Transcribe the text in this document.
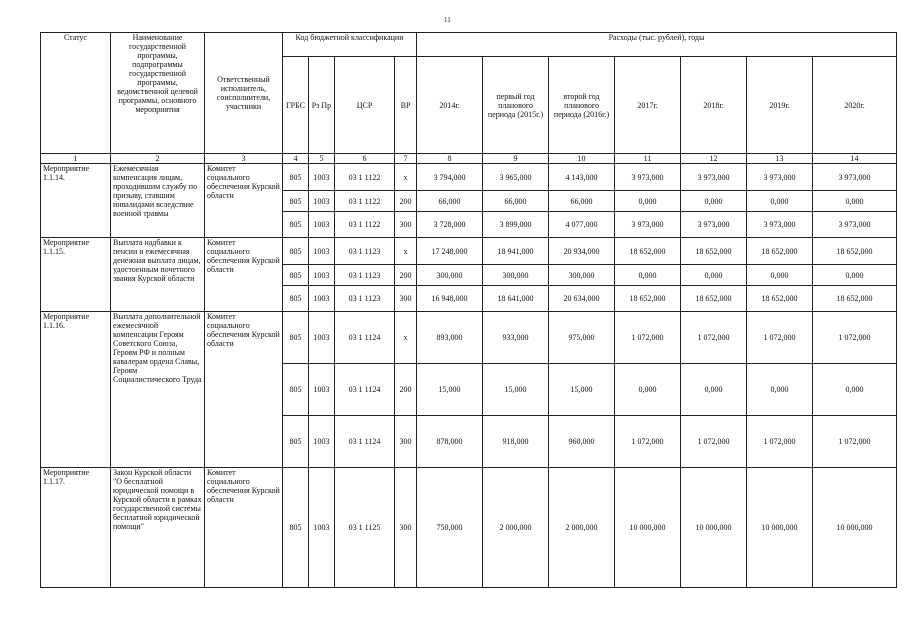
11
Статус	Наименование государственной программы, подпрограммы государственной программы, ведомственной целевой программы, основного мероприятия	Ответственный исполнитель, соисполнители, участники	Код бюджетной классификации				Расходы (тыс. рублей), годы						
			ГРБС	Рз Пр	ЦСР	ВР	2014г.	первый год планового периода (2015г.)	второй год планового периода (2016г.)	2017г.	2018г.	2019г.	2020г.
1	2	3	4	5	6	7	8	9	10	11	12	13	14
Мероприятие 1.1.14.	Ежемесячная компенсация лицам, проходившим службу по призыву, ставшим инвалидами вследствие военной травмы	Комитет социального обеспечения Курской области	805	1003	03 1 1122	х	3 794,000	3 965,000	4 143,000	3 973,000	3 973,000	3 973,000	3 973,000
			805	1003	03 1 1122	200	66,000	66,000	66,000	0,000	0,000	0,000	0,000
			805	1003	03 1 1122	300	3 728,000	3 899,000	4 077,000	3 973,000	3 973,000	3 973,000	3 973,000
Мероприятие 1.1.15.	Выплата надбавки к пенсии и ежемесячная денежная выплата лицам, удостоенным почетного звания Курской области	Комитет социального обеспечения Курской области	805	1003	03 1 1123	х	17 248,000	18 941,000	20 934,000	18 652,000	18 652,000	18 652,000	18 652,000
			805	1003	03 1 1123	200	300,000	300,000	300,000	0,000	0,000	0,000	0,000
			805	1003	03 1 1123	300	16 948,000	18 641,000	20 634,000	18 652,000	18 652,000	18 652,000	18 652,000
Мероприятие 1.1.16.	Выплата дополнительной ежемесячной компенсации Героям Советского Союза, Героям РФ и полным кавалерам ордена Славы, Героям Социалистического Труда	Комитет социального обеспечения Курской области	805	1003	03 1 1124	х	893,000	933,000	975,000	1 072,000	1 072,000	1 072,000	1 072,000
			805	1003	03 1 1124	200	15,000	15,000	15,000	0,000	0,000	0,000	0,000
			805	1003	03 1 1124	300	878,000	918,000	960,000	1 072,000	1 072,000	1 072,000	1 072,000
Мероприятие 1.1.17.	Закон Курской области "О бесплатной юридической помощи в Курской области в рамках государственной системы бесплатной юридической помощи"	Комитет социального обеспечения Курской области	805	1003	03 1 1125	300	750,000	2 000,000	2 000,000	10 000,000	10 000,000	10 000,000	10 000,000
